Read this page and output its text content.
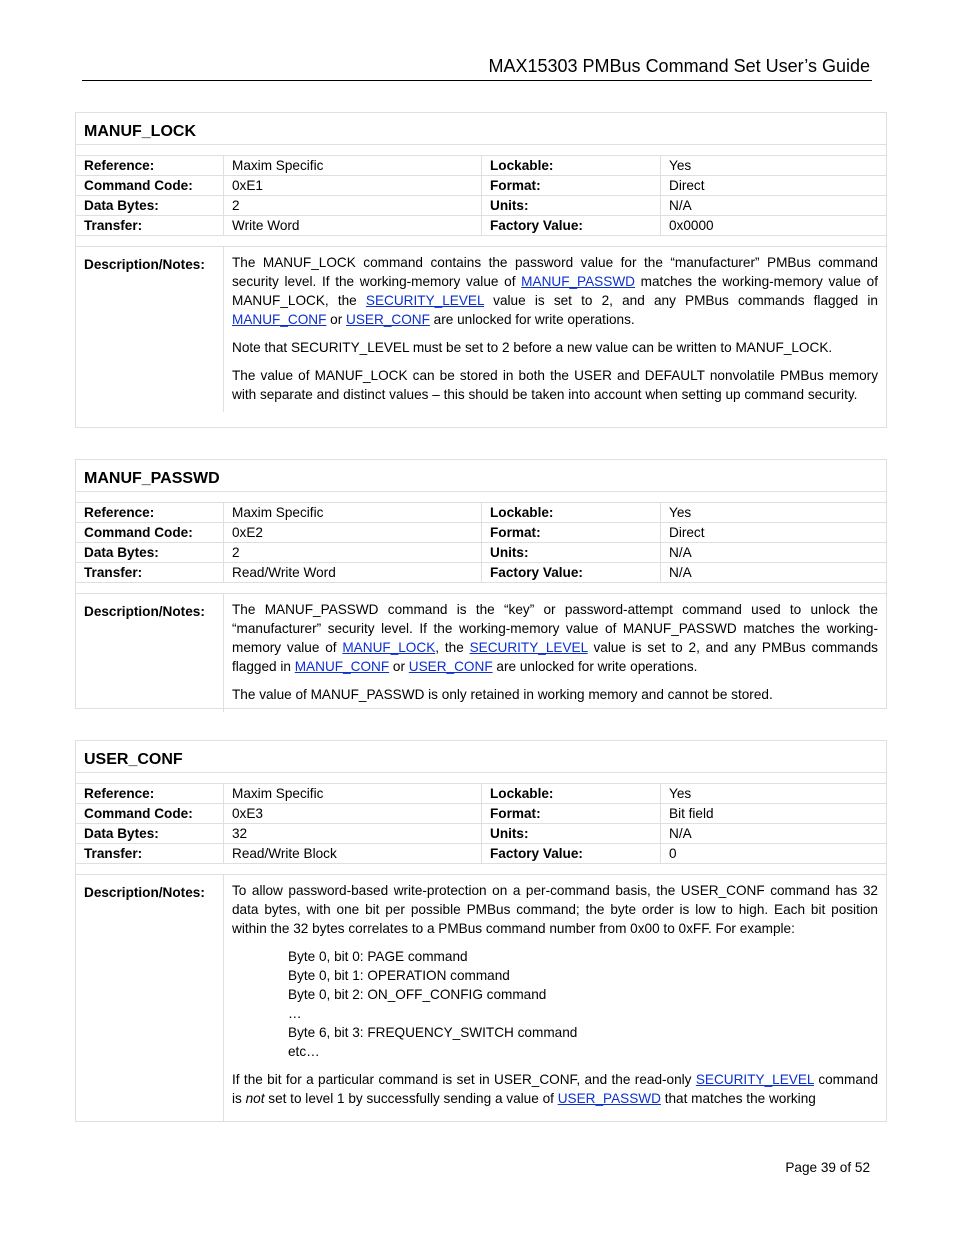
MAX15303 PMBus Command Set User’s Guide
MANUF_LOCK
Reference:	Maxim Specific	Lockable:	Yes
Command Code:	0xE1	Format:	Direct
Data Bytes:	2	Units:	N/A
Transfer:	Write Word	Factory Value:	0x0000
Description/Notes:	The MANUF_LOCK command contains the password value for the “manufacturer” PMBus command security level. If the working-memory value of MANUF_PASSWD matches the working-memory value of MANUF_LOCK, the SECURITY_LEVEL value is set to 2, and any PMBus commands flagged in MANUF_CONF or USER_CONF are unlocked for write operations.

Note that SECURITY_LEVEL must be set to 2 before a new value can be written to MANUF_LOCK.

The value of MANUF_LOCK can be stored in both the USER and DEFAULT nonvolatile PMBus memory with separate and distinct values – this should be taken into account when setting up command security.

MANUF_PASSWD
Reference:	Maxim Specific	Lockable:	Yes
Command Code:	0xE2	Format:	Direct
Data Bytes:	2	Units:	N/A
Transfer:	Read/Write Word	Factory Value:	N/A
Description/Notes:	The MANUF_PASSWD command is the “key” or password-attempt command used to unlock the “manufacturer” security level. If the working-memory value of MANUF_PASSWD matches the working-memory value of MANUF_LOCK, the SECURITY_LEVEL value is set to 2, and any PMBus commands flagged in MANUF_CONF or USER_CONF are unlocked for write operations.

The value of MANUF_PASSWD is only retained in working memory and cannot be stored.

USER_CONF
Reference:	Maxim Specific	Lockable:	Yes
Command Code:	0xE3	Format:	Bit field
Data Bytes:	32	Units:	N/A
Transfer:	Read/Write Block	Factory Value:	0
Description/Notes:	To allow password-based write-protection on a per-command basis, the USER_CONF command has 32 data bytes, with one bit per possible PMBus command; the byte order is low to high. Each bit position within the 32 bytes correlates to a PMBus command number from 0x00 to 0xFF. For example:

Byte 0, bit 0: PAGE command
Byte 0, bit 1: OPERATION command
Byte 0, bit 2: ON_OFF_CONFIG command
…
Byte 6, bit 3: FREQUENCY_SWITCH command
etc…

If the bit for a particular command is set in USER_CONF, and the read-only SECURITY_LEVEL command is not set to level 1 by successfully sending a value of USER_PASSWD that matches the working

Page 39 of 52
